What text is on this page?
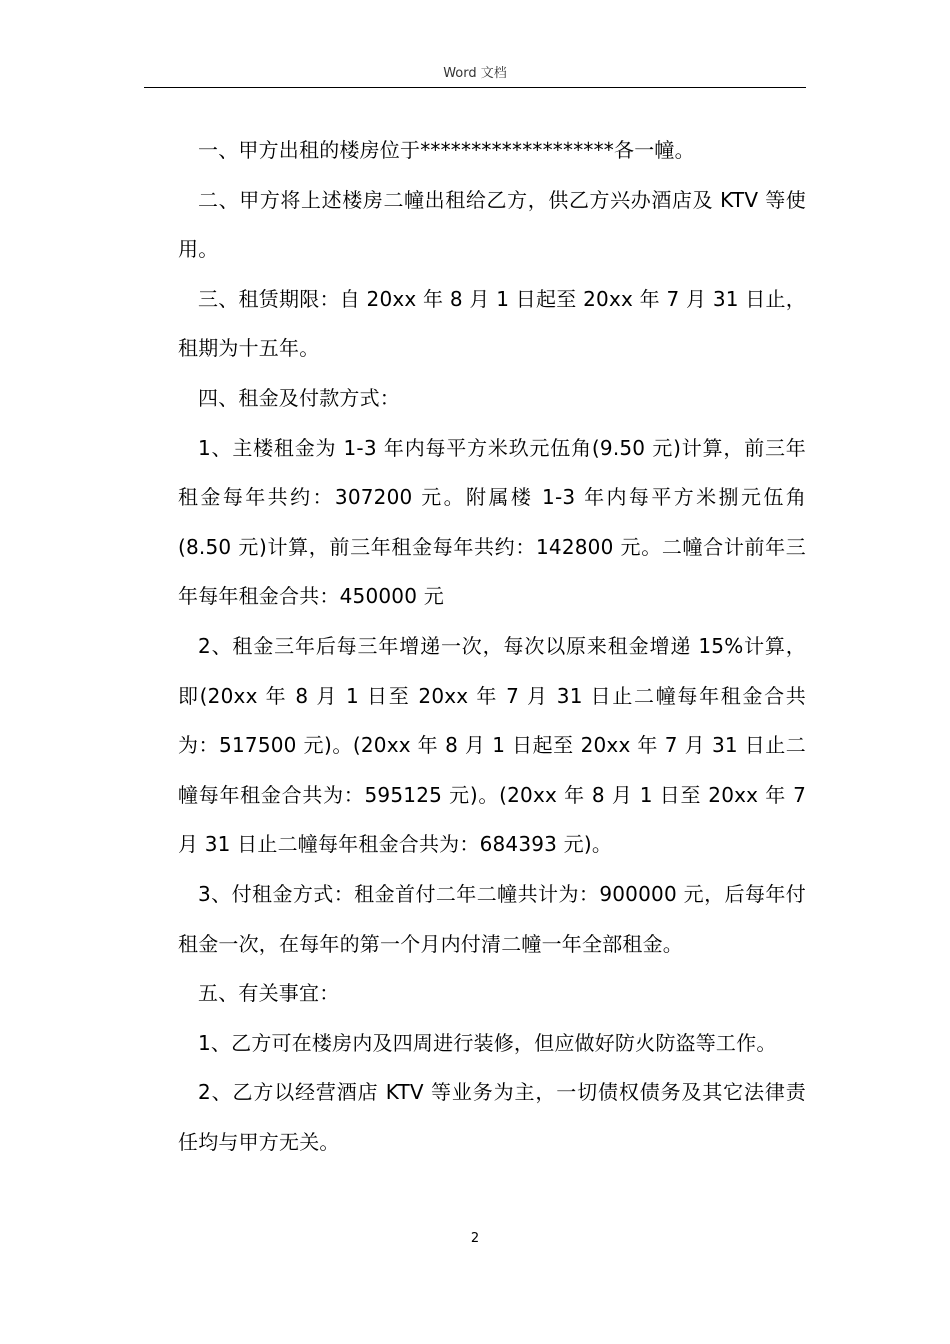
Word 文档

一、甲方出租的楼房位于*******************各一幢。

二、甲方将上述楼房二幢出租给乙方，供乙方兴办酒店及 KTV 等使用。

三、租赁期限：自 20xx 年 8 月 1 日起至 20xx 年 7 月 31 日止，租期为十五年。

四、租金及付款方式：

1、主楼租金为 1-3 年内每平方米玖元伍角(9.50 元)计算，前三年租金每年共约：307200 元。附属楼 1-3 年内每平方米捌元伍角(8.50 元)计算，前三年租金每年共约：142800 元。二幢合计前年三年每年租金合共：450000 元

2、租金三年后每三年增递一次，每次以原来租金增递 15%计算，即(20xx 年 8 月 1 日至 20xx 年 7 月 31 日止二幢每年租金合共为：517500 元)。(20xx 年 8 月 1 日起至 20xx 年 7 月 31 日止二幢每年租金合共为：595125 元)。(20xx 年 8 月 1 日至 20xx 年 7 月 31 日止二幢每年租金合共为：684393 元)。

3、付租金方式：租金首付二年二幢共计为：900000 元，后每年付租金一次，在每年的第一个月内付清二幢一年全部租金。

五、有关事宜：

1、乙方可在楼房内及四周进行装修，但应做好防火防盗等工作。

2、乙方以经营酒店 KTV 等业务为主，一切债权债务及其它法律责任均与甲方无关。

2
